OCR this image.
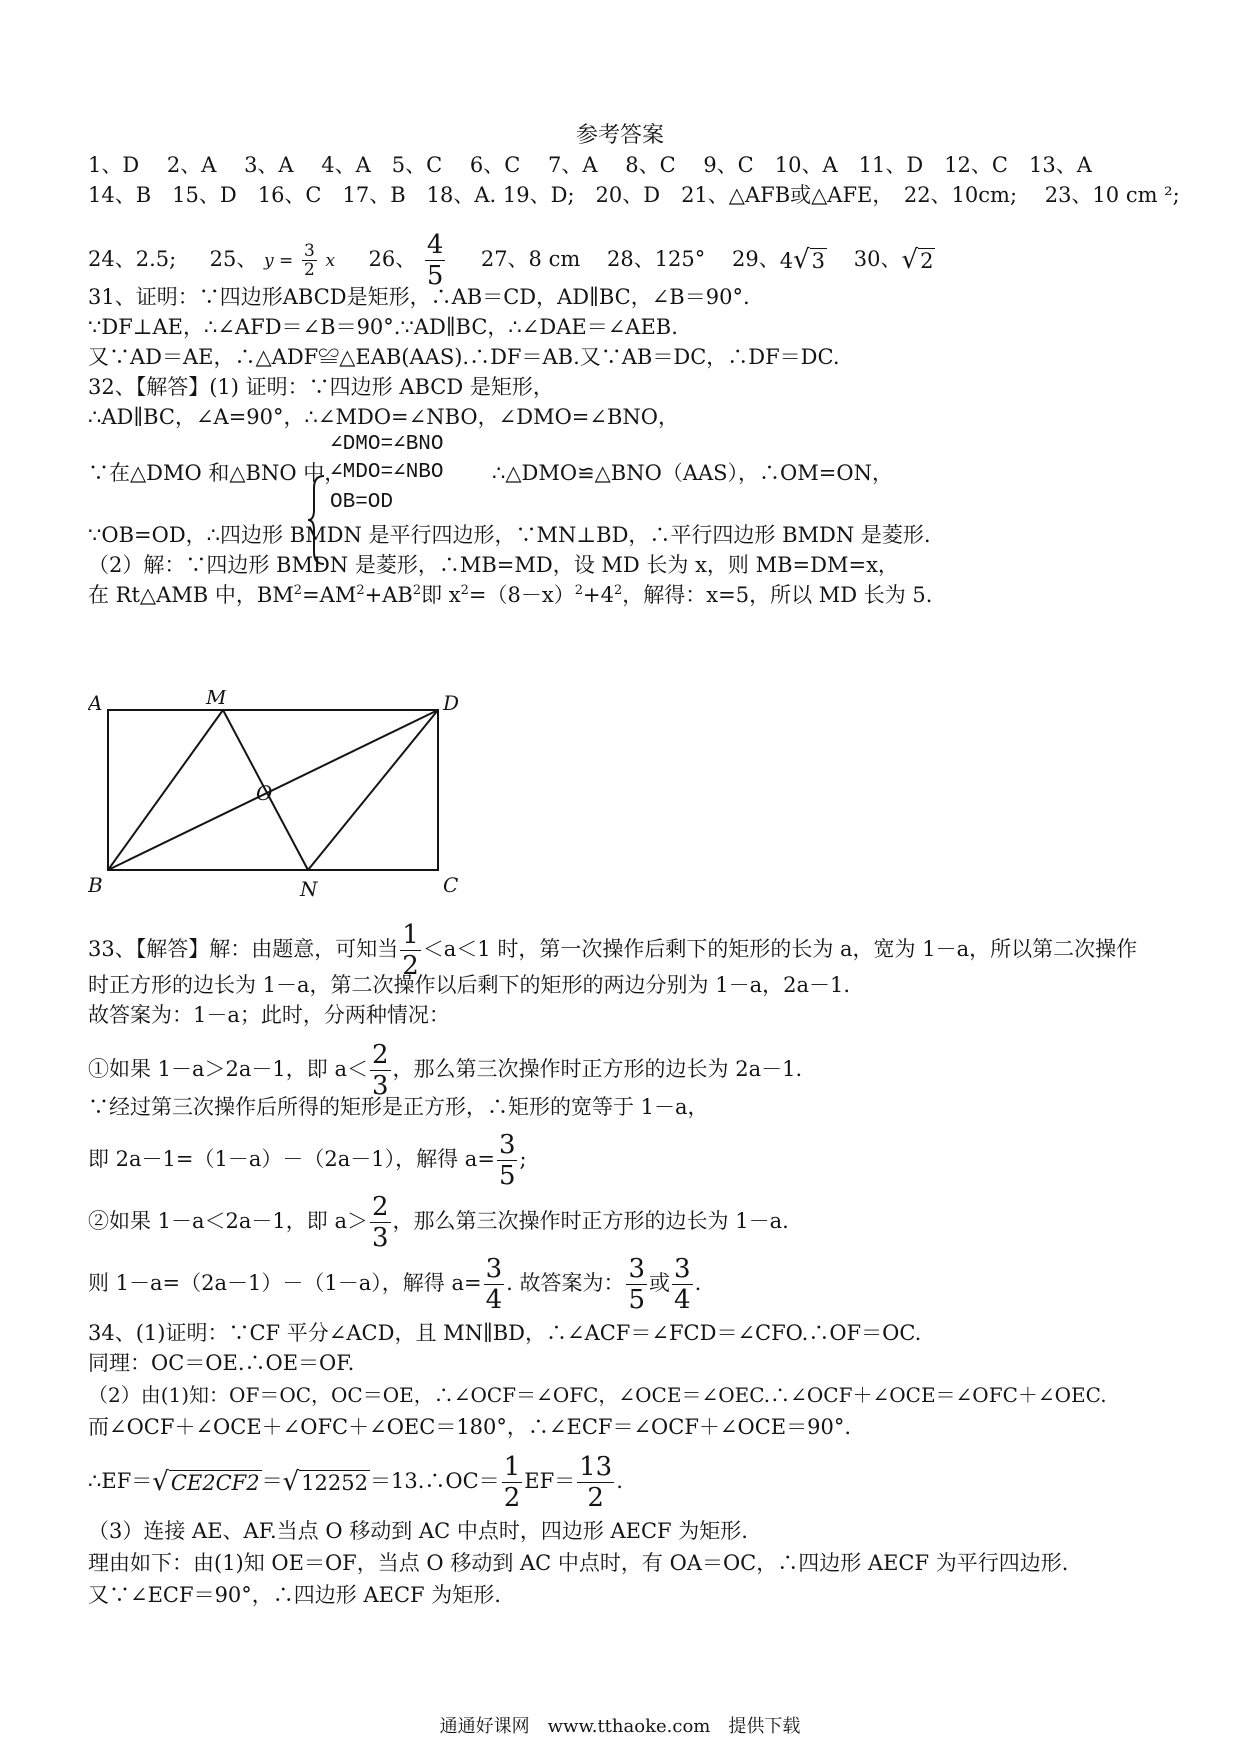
参考答案
1、D　 2、A　 3、A　 4、A　5、C　 6、C　 7、A　 8、C　 9、C　10、A　11、D　12、C　13、A
14、B　15、D　16、C　17、B　18、A. 19、D;　20、D　21、△AFB或△AFE，　22、10cm;　 23、10 cm ²;
24、2.5; 25、 $y = \frac{3}{2}$ x 26、 $\frac{4}{5} 27$、8 cm 28、125° 29、4√3 30、√2
31、证明：∵四边形ABCD是矩形，∴AB＝CD，AD∥BC，∠B＝90°.
∵DF⊥AE，∴∠AFD＝∠B＝90°.∵AD∥BC，∴∠DAE＝∠AEB.
又∵AD＝AE，∴△ADF≌△EAB(AAS).∴DF＝AB.又∵AB＝DC，∴DF＝DC.
32、【解答】(1) 证明：∵四边形 ABCD 是矩形，
∴AD∥BC，∠A=90°，∴∠MDO=∠NBO，∠DMO=∠BNO，
∵在△DMO 和△BNO 中，
∠DMO=∠BNO
∠MDO=∠NBO
OB=OD
∴△DMO≌△BNO（AAS），∴OM=ON，
∵OB=OD，∴四边形 BMDN 是平行四边形，∵MN⊥BD，∴平行四边形 BMDN 是菱形.
（2）解：∵四边形 BMDN 是菱形，∴MB=MD，设 MD 长为 x，则 MB=DM=x，
在 Rt△AMB 中，$BM^2=AM^2+AB^2$即 $x^2=(8-x)^2+4^2$，解得：x=5，所以 MD 长为 5.
A	M	D
O
B	N	C
33、【解答】解：由题意，可知当 $\frac{1}{2} <a<1$ 时，第一次操作后剩下的矩形的长为 a，宽为 1－a，所以第二次操作
时正方形的边长为 1－a，第二次操作以后剩下的矩形的两边分别为 1－a，2a－1.
故答案为：1－a；此时，分两种情况：
①如果 1－a＞2a－1，即 $a< \frac{2}{3}$ ，那么第三次操作时正方形的边长为 2a－1.
∵经过第三次操作后所得的矩形是正方形，∴矩形的宽等于 1－a，
即 2a－1=（1－a）－（2a－1），解得 $a= \frac{3}{5}$ ;
②如果 1－a＜2a－1，即 $a> \frac{2}{3}$ ，那么第三次操作时正方形的边长为 1－a.
则 1－a=（2a－1）－（1－a），解得 $a= \frac{3}{4}$ . 故答案为： $\frac{3}{5}$ 或 $\frac{3}{4}$ .
34、(1)证明：∵CF 平分∠ACD，且 MN∥BD，∴∠ACF＝∠FCD＝∠CFO.∴OF＝OC.
同理：OC＝OE.∴OE＝OF.
（2）由(1)知：OF＝OC，OC＝OE，∴∠OCF＝∠OFC，∠OCE＝∠OEC.∴∠OCF＋∠OCE＝∠OFC＋∠OEC.
而∠OCF＋∠OCE＋∠OFC＋∠OEC＝180°，∴∠ECF＝∠OCF＋∠OCE＝90°.
∴EF＝√CE2CF2＝√12252＝13.∴OC＝ $\frac{1}{2} EF= \frac{13}{2}$ .
（3）连接 AE、AF.当点 O 移动到 AC 中点时，四边形 AECF 为矩形.
理由如下：由(1)知 OE＝OF，当点 O 移动到 AC 中点时，有 OA＝OC，∴四边形 AECF 为平行四边形.
又∵∠ECF＝90°，∴四边形 AECF 为矩形.
通通好课网　www.tthaoke.com　提供下载
